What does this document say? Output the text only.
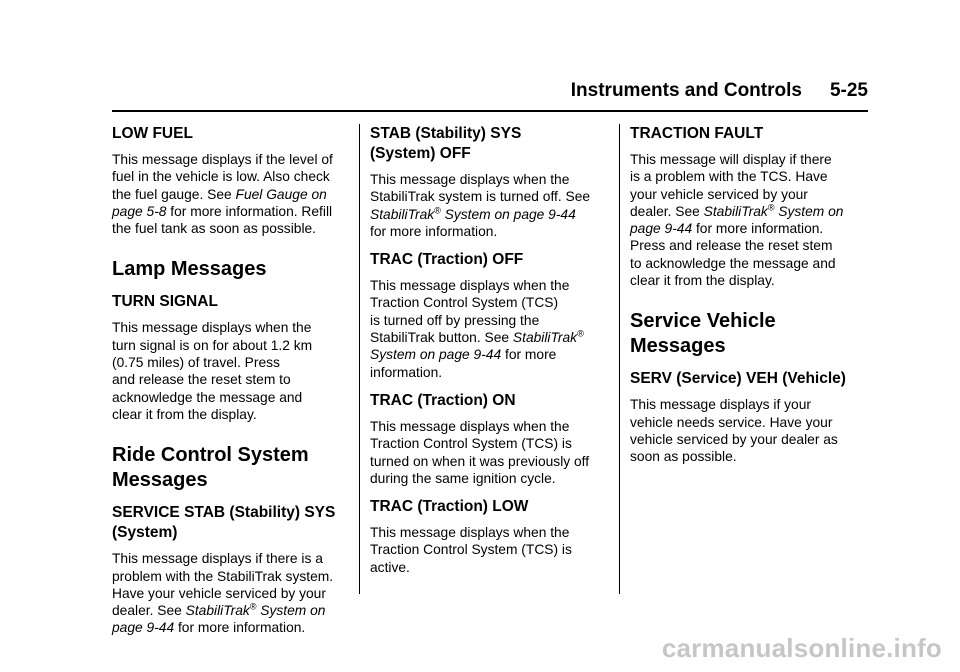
Instruments and Controls 5-25
LOW FUEL

This message displays if the level of
fuel in the vehicle is low. Also check
the fuel gauge. See Fuel Gauge on
page 5-8 for more information. Refill
the fuel tank as soon as possible.

Lamp Messages
TURN SIGNAL

This message displays when the
turn signal is on for about 1.2 km
(0.75 miles) of travel. Press
and release the reset stem to
acknowledge the message and
clear it from the display.

Ride Control System
Messages
SERVICE STAB (Stability) SYS
(System)

This message displays if there is a
problem with the StabiliTrak system.
Have your vehicle serviced by your
dealer. See StabiliTrak® System on
page 9-44 for more information.

STAB (Stability) SYS
(System) OFF

This message displays when the
StabiliTrak system is turned off. See
StabiliTrak® System on page 9-44
for more information.

TRAC (Traction) OFF

This message displays when the
Traction Control System (TCS)
is turned off by pressing the
StabiliTrak button. See StabiliTrak®
System on page 9-44 for more
information.

TRAC (Traction) ON

This message displays when the
Traction Control System (TCS) is
turned on when it was previously off
during the same ignition cycle.

TRAC (Traction) LOW

This message displays when the
Traction Control System (TCS) is
active.

TRACTION FAULT

This message will display if there
is a problem with the TCS. Have
your vehicle serviced by your
dealer. See StabiliTrak® System on
page 9-44 for more information.
Press and release the reset stem
to acknowledge the message and
clear it from the display.

Service Vehicle Messages
SERV (Service) VEH (Vehicle)

This message displays if your
vehicle needs service. Have your
vehicle serviced by your dealer as
soon as possible.

carmanualsonline.info
